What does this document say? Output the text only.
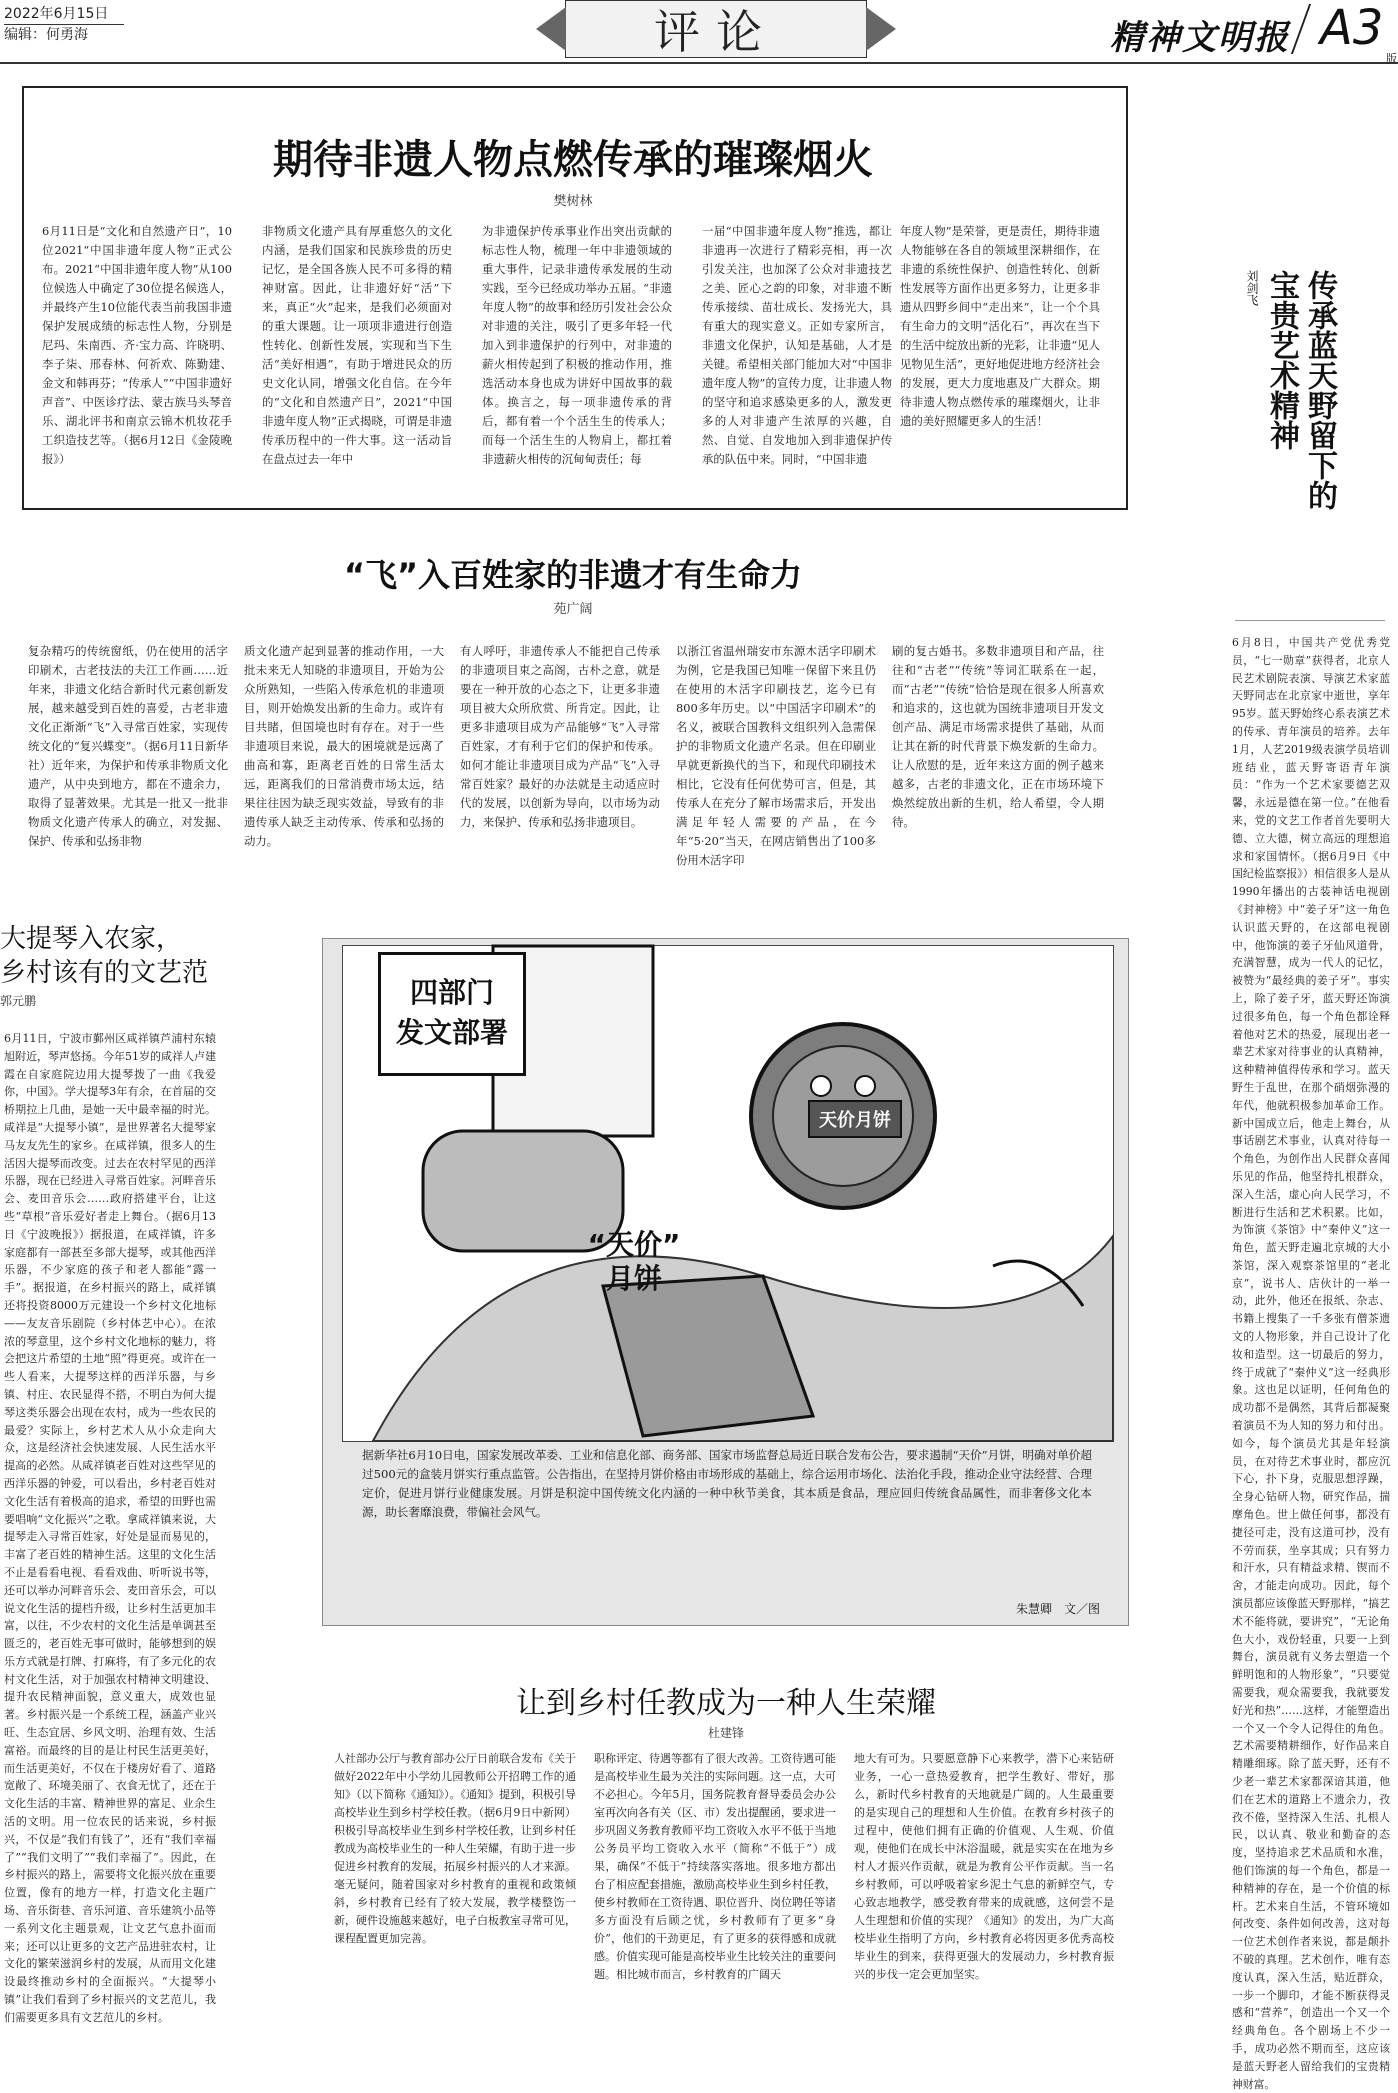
2022年6月15日
编辑：何勇海	评论	精神文明报 A3
版
期待非遗人物点燃传承的璀璨烟火
樊树林
6月11日是“文化和自然遗产日”，10位2021“中国非遗年度人物”正式公布。2021“中国非遗年度人物”从100位候选人中确定了30位提名候选人，并最终产生10位能代表当前我国非遗保护发展成绩的标志性人物，分别是尼玛、朱南西、齐·宝力高、许晓明、李子柒、邢春林、何祈欢、陈勤建、金文和韩再芬；“传承人”“中国非遗好声音”、中医诊疗法、蒙古族马头琴音乐、湖北评书和南京云锦木机妆花手工织造技艺等。（据6月12日《金陵晚报》）
非物质文化遗产具有厚重悠久的文化内涵，是我们国家和民族珍贵的历史记忆，是全国各族人民不可多得的精神财富。因此，让非遗好好“活”下来，真正“火”起来，是我们必须面对的重大课题。让一项项非遗进行创造性转化、创新性发展，实现和当下生活“美好相遇”，有助于增进民众的历史文化认同，增强文化自信。在今年的“文化和自然遗产日”，2021“中国非遗年度人物”正式揭晓，可谓是非遗传承历程中的一件大事。这一活动旨在盘点过去一年中
为非遗保护传承事业作出突出贡献的标志性人物，梳理一年中非遗领域的重大事件，记录非遗传承发展的生动实践，至今已经成功举办五届。“非遗年度人物”的故事和经历引发社会公众对非遗的关注，吸引了更多年轻一代加入到非遗保护的行列中，对非遗的薪火相传起到了积极的推动作用，推选活动本身也成为讲好中国故事的载体。换言之，每一项非遗传承的背后，都有着一个个活生生的传承人；而每一个活生生的人物肩上，都扛着非遗薪火相传的沉甸甸责任；每
一届“中国非遗年度人物”推选，都让非遗再一次进行了精彩亮相，再一次引发关注，也加深了公众对非遗技艺之美、匠心之韵的印象，对非遗不断传承接续、苗壮成长、发扬光大，具有重大的现实意义。正如专家所言，非遗文化保护，认知是基础，人才是关键。希望相关部门能加大对“中国非遗年度人物”的宣传力度，让非遗人物的坚守和追求感染更多的人，激发更多的人对非遗产生浓厚的兴趣，自然、自觉、自发地加入到非遗保护传承的队伍中来。同时，“中国非遗
年度人物”是荣誉，更是责任，期待非遗人物能够在各自的领域里深耕细作，在非遗的系统性保护、创造性转化、创新性发展等方面作出更多努力，让更多非遗从四野乡间中“走出来”，让一个个具有生命力的文明“活化石”，再次在当下的生活中绽放出新的光彩，让非遗“见人见物见生活”，更好地促进地方经济社会的发展，更大力度地惠及广大群众。期待非遗人物点燃传承的璀璨烟火，让非遗的美好照耀更多人的生活！
“飞”入百姓家的非遗才有生命力
苑广阔
复杂精巧的传统窗纸，仍在使用的活字印刷术，古老技法的夫江工作画……近年来，非遗文化结合新时代元素创新发展，越来越受到百姓的喜爱，古老非遗文化正渐渐“飞”入寻常百姓家，实现传统文化的“复兴蝶变”。（据6月11日新华社）近年来，为保护和传承非物质文化遗产，从中央到地方，都在不遗余力，取得了显著效果。尤其是一批又一批非物质文化遗产传承人的确立，对发掘、保护、传承和弘扬非物
质文化遗产起到显著的推动作用，一大批未来无人知晓的非遗项目，开始为公众所熟知，一些陷入传承危机的非遗项目，则开始焕发出新的生命力。或许有目共睹，但国境也时有存在。对于一些非遗项目来说，最大的困境就是远离了曲高和寡，距离老百姓的日常生活太远，距离我们的日常消费市场太远，结果往往因为缺乏现实效益，导致有的非遗传承人缺乏主动传承、传承和弘扬的动力。
有人呼吁，非遗传承人不能把自己传承的非遗项目束之高阁，古朴之意，就是要在一种开放的心态之下，让更多非遗项目被大众所欣赏、所肯定。因此，让更多非遗项目成为产品能够“飞”入寻常百姓家，才有利于它们的保护和传承。如何才能让非遗项目成为产品“飞”入寻常百姓家？最好的办法就是主动适应时代的发展，以创新为导向，以市场为动力，来保护、传承和弘扬非遗项目。
以浙江省温州瑞安市东源木活字印刷术为例，它是我国已知唯一保留下来且仍在使用的木活字印刷技艺，迄今已有800多年历史。以“中国活字印刷术”的名义，被联合国教科文组织列入急需保护的非物质文化遗产名录。但在印刷业早就更新换代的当下，和现代印刷技术相比，它没有任何优势可言，但是，其传承人在充分了解市场需求后，开发出满足年轻人需要的产品，在今年“5·20”当天，在网店销售出了100多份用木活字印
刷的复古婚书。多数非遗项目和产品，往往和“古老”“传统”等词汇联系在一起，而“古老”“传统”恰恰是现在很多人所喜欢和追求的，这也就为国统非遗项目开发文创产品、满足市场需求提供了基础，从而让其在新的时代背景下焕发新的生命力。让人欣慰的是，近年来这方面的例子越来越多，古老的非遗文化，正在市场环境下焕然绽放出新的生机，给人希望，令人期待。
传承蓝天野留下的
宝贵艺术精神
刘剑飞
6月8日，中国共产党优秀党员，“七一勋章”获得者，北京人民艺术剧院表演、导演艺术家蓝天野同志在北京家中逝世，享年95岁。蓝天野始终心系表演艺术的传承、青年演员的培养。去年1月，人艺2019级表演学员培训班结业，蓝天野寄语青年演员：“作为一个艺术家要德艺双馨，永远是德在第一位。”在他看来，党的文艺工作者首先要明大德、立大德，树立高远的理想追求和家国情怀。（据6月9日《中国纪检监察报》）相信很多人是从1990年播出的古装神话电视剧《封神榜》中“姜子牙”这一角色认识蓝天野的，在这部电视剧中，他饰演的姜子牙仙风道骨，充满智慧，成为一代人的记忆，被赞为“最经典的姜子牙”。事实上，除了姜子牙，蓝天野还饰演过很多角色，每一个角色都诠释着他对艺术的热爱，展现出老一辈艺术家对待事业的认真精神，这种精神值得传承和学习。蓝天野生于乱世，在那个硝烟弥漫的年代，他就积极参加革命工作。新中国成立后，他走上舞台，从事话剧艺术事业，认真对待每一个角色，为创作出人民群众喜闻乐见的作品，他坚持扎根群众，深入生活，虚心向人民学习，不断进行生活和艺术积累。比如，为饰演《茶馆》中“秦仲义”这一角色，蓝天野走遍北京城的大小茶馆，深入观察茶馆里的“老北京”，说书人、店伙计的一举一动，此外，他还在报纸、杂志、书籍上搜集了一千多张有僧茶遗文的人物形象，并自己设计了化妆和造型。这一切最后的努力，终于成就了“秦仲义”这一经典形象。这也足以证明，任何角色的成功都不是偶然，其背后都凝聚着演员不为人知的努力和付出。如今，每个演员尤其是年轻演员，在对待艺术事业时，都应沉下心，扑下身，克服思想浮躁，全身心钻研人物，研究作品，揣摩角色。世上做任何事，都没有捷径可走，没有这道可抄，没有不劳而获，坐享其成；只有努力和汗水，只有精益求精、锲而不舍，才能走向成功。因此，每个演员都应该像蓝天野那样，“搞艺术不能将就，要讲究”，“无论角色大小，戏份轻重，只要一上到舞台，演员就有义务去塑造一个鲜明饱和的人物形象”，“只要觉需要我，观众需要我，我就要发好光和热”……这样，才能塑造出一个又一个令人记得住的角色。艺术需要精耕细作，好作品来自精雕细琢。除了蓝天野，还有不少老一辈艺术家都深谙其道，他们在艺术的道路上不遗余力，孜孜不倦，坚持深入生活、扎根人民，以认真、敬业和勤奋的态度，坚持追求艺术品质和水准，他们饰演的每一个角色，都是一种精神的存在，是一个价值的标杆。艺术来自生活，不管环境如何改变、条件如何改善，这对每一位艺术创作者来说，都是颠扑不破的真理。艺术创作，唯有态度认真，深入生活，贴近群众，一步一个脚印，才能不断获得灵感和“营养”，创造出一个又一个经典角色。各个剧场上不少一手，成功必然不期而至，这应该是蓝天野老人留给我们的宝贵精神财富。
大提琴入农家，
乡村该有的文艺范
郭元鹏
6月11日，宁波市鄞州区咸祥镇芦浦村东辕旭附近，琴声悠扬。今年51岁的咸祥人卢建霞在自家庭院边用大提琴拨了一曲《我爱你，中国》。学大提琴3年有余，在首届的交桥期拉上几曲，是她一天中最幸福的时光。咸祥是“大提琴小镇”，是世界著名大提琴家马友友先生的家乡。在咸祥镇，很多人的生活因大提琴而改变。过去在农村罕见的西洋乐器，现在已经进入寻常百姓家。河畔音乐会、麦田音乐会……政府搭建平台，让这些“草根”音乐爱好者走上舞台。（据6月13日《宁波晚报》）据报道，在咸祥镇，许多家庭都有一部甚至多部大提琴，或其他西洋乐器，不少家庭的孩子和老人都能“露一手”。据报道，在乡村振兴的路上，咸祥镇还将投资8000万元建设一个乡村文化地标——友友音乐剧院（乡村体艺中心）。在浓浓的琴意里，这个乡村文化地标的魅力，将会把这片希望的土地“照”得更亮。或许在一些人看来，大提琴这样的西洋乐器，与乡镇、村庄、农民显得不搭，不明白为何大提琴这类乐器会出现在农村，成为一些农民的最爱？实际上，乡村艺术人从小众走向大众，这是经济社会快速发展、人民生活水平提高的必然。从咸祥镇老百姓对这些罕见的西洋乐器的钟爱，可以看出，乡村老百姓对文化生活有着极高的追求，希望的田野也需要唱响“文化振兴”之歌。拿咸祥镇来说，大提琴走入寻常百姓家，好处是显而易见的，丰富了老百姓的精神生活。这里的文化生活不止是看看电视、看看戏曲、听听说书等，还可以举办河畔音乐会、麦田音乐会，可以说文化生活的提档升级，让乡村生活更加丰富，以往，不少农村的文化生活是单调甚至匮乏的，老百姓无事可做时，能够想到的娱乐方式就是打牌、打麻将，有了多元化的农村文化生活，对于加强农村精神文明建设、提升农民精神面貌，意义重大，成效也显著。乡村振兴是一个系统工程，涵盖产业兴旺、生态宜居、乡风文明、治理有效、生活富裕。而最终的目的是让村民生活更美好，而生活更美好，不仅在于楼房好看了、道路宽敞了、环境美丽了、衣食无忧了，还在于文化生活的丰富、精神世界的富足、业余生活的文明。用一位农民的话来说，乡村振兴，不仅是“我们有钱了”，还有“我们幸福了”“我们文明了”“我们幸福了”。因此，在乡村振兴的路上，需要将文化振兴放在重要位置，像有的地方一样，打造文化主题广场、音乐街巷、音乐河道、音乐建筑小品等一系列文化主题景观，让文艺气息扑面而来；还可以让更多的文艺产品进驻农村，让文化的繁荣滋润乡村的发展，从而用文化建设最终推动乡村的全面振兴。“大提琴小镇”让我们看到了乡村振兴的文艺范儿，我们需要更多具有文艺范儿的乡村。
四部门
发文部署
天价月饼
“天价”
月饼
据新华社6月10日电，国家发展改革委、工业和信息化部、商务部、国家市场监督总局近日联合发布公告，要求遏制“天价”月饼，明确对单价超过500元的盒装月饼实行重点监管。公告指出，在坚持月饼价格由市场形成的基础上，综合运用市场化、法治化手段，推动企业守法经营、合理定价，促进月饼行业健康发展。月饼是积淀中国传统文化内涵的一种中秋节美食，其本质是食品，理应回归传统食品属性，而非奢侈文化本源，助长奢靡浪费，带偏社会风气。
朱慧卿　文／图
让到乡村任教成为一种人生荣耀
杜建锋
人社部办公厅与教育部办公厅日前联合发布《关于做好2022年中小学幼儿园教师公开招聘工作的通知》（以下简称《通知》）。《通知》提到，积极引导高校毕业生到乡村学校任教。（据6月9日中新网）积极引导高校毕业生到乡村学校任教，让到乡村任教成为高校毕业生的一种人生荣耀，有助于进一步促进乡村教育的发展，拓展乡村振兴的人才来源。毫无疑问，随着国家对乡村教育的重视和政策倾斜，乡村教育已经有了较大发展，教学楼整饬一新，硬件设施越来越好，电子白板教室寻常可见，课程配置更加完善。
职称评定、待遇等都有了很大改善。工资待遇可能是高校毕业生最为关注的实际问题。这一点，大可不必担心。今年5月，国务院教育督导委员会办公室再次向各有关（区、市）发出提醒函，要求进一步巩固义务教育教师平均工资收入水平不低于当地公务员平均工资收入水平（简称“不低于”）成果，确保“不低于”持续落实落地。很多地方都出台了相应配套措施，激励高校毕业生到乡村任教，使乡村教师在工资待遇、职位晋升、岗位聘任等诸多方面没有后顾之忧，乡村教师有了更多“身价”，他们的干劲更足，有了更多的获得感和成就感。价值实现可能是高校毕业生比较关注的重要问题。相比城市而言，乡村教育的广阔天
地大有可为。只要愿意静下心来教学，潜下心来钻研业务，一心一意热爱教育，把学生教好、带好，那么，新时代乡村教育的天地就是广阔的。人生最重要的是实现自己的理想和人生价值。在教育乡村孩子的过程中，使他们拥有正确的价值观、人生观、价值观，使他们在成长中沐浴温暖，就是实实在在地为乡村人才振兴作贡献，就是为教育公平作贡献。当一名乡村教师，可以呼吸着家乡泥土气息的新鲜空气，专心致志地教学，感受教育带来的成就感，这何尝不是人生理想和价值的实现？《通知》的发出，为广大高校毕业生指明了方向，乡村教育必将因更多优秀高校毕业生的到来，获得更强大的发展动力，乡村教育振兴的步伐一定会更加坚实。
